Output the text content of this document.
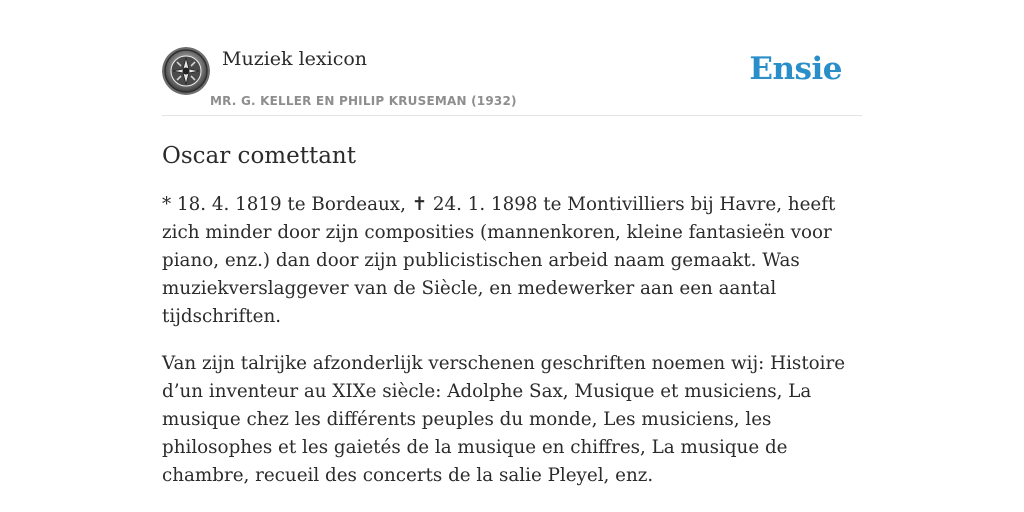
Muziek lexicon
MR. G. KELLER EN PHILIP KRUSEMAN (1932)
Ensie
Oscar comettant

* 18. 4. 1819 te Bordeaux, ✝ 24. 1. 1898 te Montivilliers bij Havre, heeft zich minder door zijn composities (mannenkoren, kleine fantasieën voor piano, enz.) dan door zijn publicistischen arbeid naam gemaakt. Was muziekverslaggever van de Siècle, en medewerker aan een aantal tijdschriften.

Van zijn talrijke afzonderlijk verschenen geschriften noemen wij: Histoire d’un inventeur au XIXe siècle: Adolphe Sax, Musique et musiciens, La musique chez les différents peuples du monde, Les musiciens, les philosophes et les gaietés de la musique en chiffres, La musique de chambre, recueil des concerts de la salie Pleyel, enz.
